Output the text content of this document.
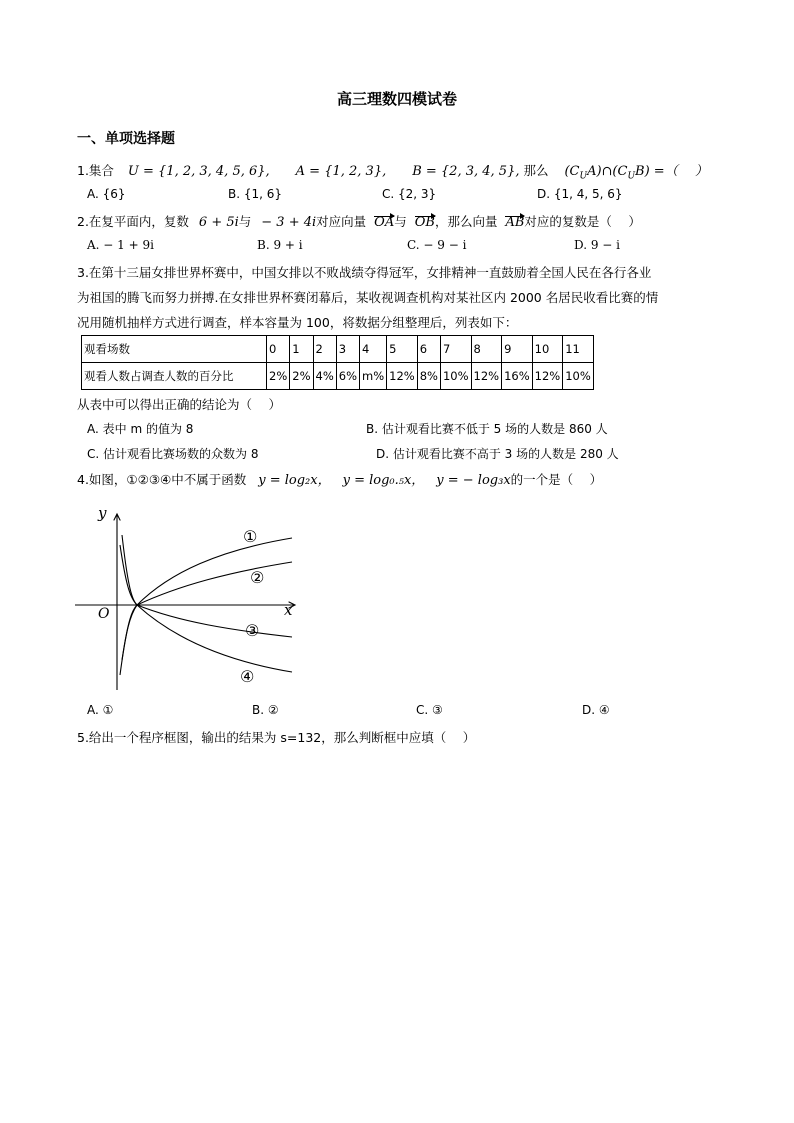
高三理数四模试卷
一、单项选择题
1.集合 U = {1, 2, 3, 4, 5, 6}, A = {1, 2, 3}, B = {2, 3, 4, 5}, 那么 $(C_UA)\cap(C_UB)$ =（　 ）
A. {6}	B. {1, 6}	C. {2, 3}	D. {1, 4, 5, 6}
2.在复平面内，复数 6 + 5i与 − 3 + 4i对应向量 OA与 OB，那么向量 AB对应的复数是（　 ）
A. − 1 + 9i	B. 9 + i	C. − 9 − i	D. 9 − i
3.在第十三届女排世界杯赛中，中国女排以不败战绩夺得冠军，女排精神一直鼓励着全国人民在各行各业
为祖国的腾飞而努力拼搏.在女排世界杯赛闭幕后，某收视调查机构对某社区内 2000 名居民收看比赛的情
况用随机抽样方式进行调查，样本容量为 100，将数据分组整理后，列表如下：
观看场数	0	1	2	3	4	5	6	7	8	9	10	11
观看人数占调查人数的百分比	2%	2%	4%	6%	m%	12%	8%	10%	12%	16%	12%	10%
从表中可以得出正确的结论为（　 ）
A. 表中 m 的值为 8	B. 估计观看比赛不低于 5 场的人数是 860 人
C. 估计观看比赛场数的众数为 8	D. 估计观看比赛不高于 3 场的人数是 280 人
4.如图，①②③④中不属于函数 y = log₂x， y = log₀.₅x， y = − log₃x的一个是（　 ）
y
x
O
①
②
③
④
A. ①	B. ②	C. ③	D. ④
5.给出一个程序框图，输出的结果为 s=132，那么判断框中应填（　 ）
